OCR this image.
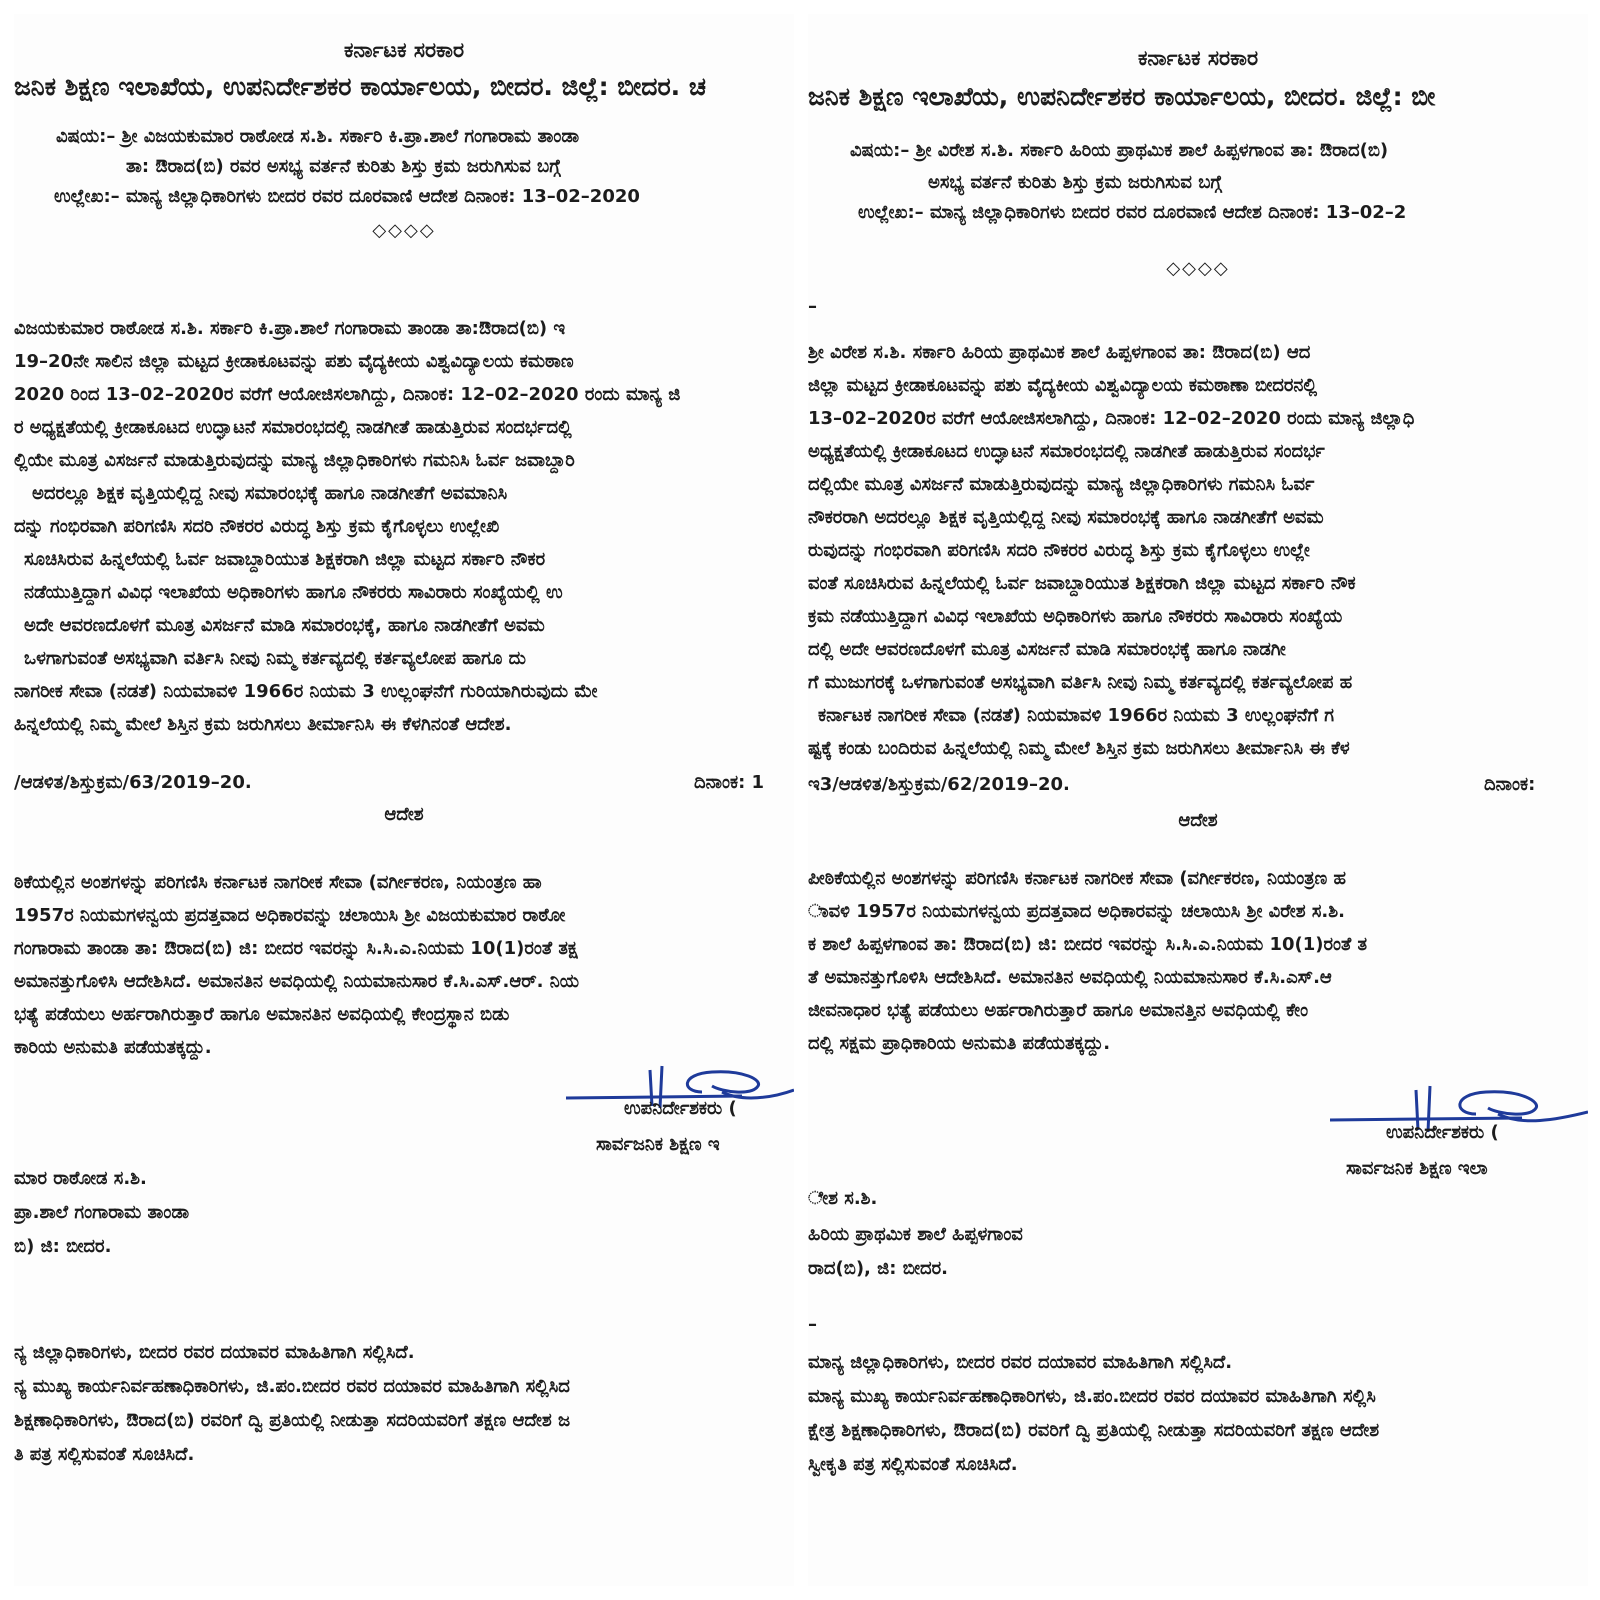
ಕರ್ನಾಟಕ ಸರಕಾರ
ಜನಿಕ ಶಿಕ್ಷಣ ಇಲಾಖೆಯ, ಉಪನಿರ್ದೇಶಕರ ಕಾರ್ಯಾಲಯ, ಬೀದರ. ಜಿಲ್ಲೆ: ಬೀದರ. ಚ
ವಿಷಯ:– ಶ್ರೀ ವಿಜಯಕುಮಾರ ರಾಠೋಡ ಸ.ಶಿ. ಸರ್ಕಾರಿ ಕಿ.ಪ್ರಾ.ಶಾಲೆ ಗಂಗಾರಾಮ ತಾಂಡಾ
ತಾ: ಔರಾದ(ಬಿ) ರವರ ಅಸಭ್ಯ ವರ್ತನೆ ಕುರಿತು ಶಿಸ್ತು ಕ್ರಮ ಜರುಗಿಸುವ ಬಗ್ಗೆ
ಉಲ್ಲೇಖ:– ಮಾನ್ಯ ಜಿಲ್ಲಾಧಿಕಾರಿಗಳು ಬೀದರ ರವರ ದೂರವಾಣಿ ಆದೇಶ ದಿನಾಂಕ: 13–02–2020
◇◇◇◇
ವಿಜಯಕುಮಾರ ರಾಠೋಡ ಸ.ಶಿ. ಸರ್ಕಾರಿ ಕಿ.ಪ್ರಾ.ಶಾಲೆ ಗಂಗಾರಾಮ ತಾಂಡಾ ತಾ:ಔರಾದ(ಬಿ) ಇ
19–20ನೇ ಸಾಲಿನ ಜಿಲ್ಲಾ ಮಟ್ಟದ ಕ್ರೀಡಾಕೂಟವನ್ನು ಪಶು ವೈದ್ಯಕೀಯ ವಿಶ್ವವಿದ್ಯಾಲಯ ಕಮಠಾಣ
2020 ರಿಂದ 13–02–2020ರ ವರೆಗೆ ಆಯೋಜಿಸಲಾಗಿದ್ದು, ದಿನಾಂಕ: 12–02–2020 ರಂದು ಮಾನ್ಯ ಜಿ
ರ ಅಧ್ಯಕ್ಷತೆಯಲ್ಲಿ ಕ್ರೀಡಾಕೂಟದ ಉದ್ಘಾಟನೆ ಸಮಾರಂಭದಲ್ಲಿ ನಾಡಗೀತೆ ಹಾಡುತ್ತಿರುವ ಸಂದರ್ಭದಲ್ಲಿ
ಲ್ಲಿಯೇ ಮೂತ್ರ ವಿಸರ್ಜನೆ ಮಾಡುತ್ತಿರುವುದನ್ನು ಮಾನ್ಯ ಜಿಲ್ಲಾಧಿಕಾರಿಗಳು ಗಮನಿಸಿ ಓರ್ವ ಜವಾಬ್ದಾರಿ
ಅದರಲ್ಲೂ ಶಿಕ್ಷಕ ವೃತ್ತಿಯಲ್ಲಿದ್ದ ನೀವು ಸಮಾರಂಭಕ್ಕೆ ಹಾಗೂ ನಾಡಗೀತೆಗೆ ಅವಮಾನಿಸಿ
ದನ್ನು ಗಂಭಿರವಾಗಿ ಪರಿಗಣಿಸಿ ಸದರಿ ನೌಕರರ ವಿರುದ್ಧ ಶಿಸ್ತು ಕ್ರಮ ಕೈಗೊಳ್ಳಲು ಉಲ್ಲೇಖಿ
ಸೂಚಿಸಿರುವ ಹಿನ್ನಲೆಯಲ್ಲಿ ಓರ್ವ ಜವಾಬ್ದಾರಿಯುತ ಶಿಕ್ಷಕರಾಗಿ ಜಿಲ್ಲಾ ಮಟ್ಟದ ಸರ್ಕಾರಿ ನೌಕರ
ನಡೆಯುತ್ತಿದ್ದಾಗ ವಿವಿಧ ಇಲಾಖೆಯ ಅಧಿಕಾರಿಗಳು ಹಾಗೂ ನೌಕರರು ಸಾವಿರಾರು ಸಂಖ್ಯೆಯಲ್ಲಿ ಉ
ಅದೇ ಆವರಣದೊಳಗೆ ಮೂತ್ರ ವಿಸರ್ಜನೆ ಮಾಡಿ ಸಮಾರಂಭಕ್ಕೆ, ಹಾಗೂ ನಾಡಗೀತೆಗೆ ಅವಮ
ಒಳಗಾಗುವಂತೆ ಅಸಭ್ಯವಾಗಿ ವರ್ತಿಸಿ ನೀವು ನಿಮ್ಮ ಕರ್ತವ್ಯದಲ್ಲಿ ಕರ್ತವ್ಯಲೋಪ ಹಾಗೂ ದು
ನಾಗರೀಕ ಸೇವಾ (ನಡತೆ) ನಿಯಮಾವಳಿ 1966ರ ನಿಯಮ 3 ಉಲ್ಲಂಘನೆಗೆ ಗುರಿಯಾಗಿರುವುದು ಮೇ
ಹಿನ್ನಲೆಯಲ್ಲಿ ನಿಮ್ಮ ಮೇಲೆ ಶಿಸ್ತಿನ ಕ್ರಮ ಜರುಗಿಸಲು ತೀರ್ಮಾನಿಸಿ ಈ ಕೆಳಗಿನಂತೆ ಆದೇಶ.
/ಆಡಳಿತ/ಶಿಸ್ತುಕ್ರಮ/63/2019–20.	ದಿನಾಂಕ: 1
ಆದೇಶ
ಠಿಕೆಯಲ್ಲಿನ ಅಂಶಗಳನ್ನು ಪರಿಗಣಿಸಿ ಕರ್ನಾಟಕ ನಾಗರೀಕ ಸೇವಾ (ವರ್ಗೀಕರಣ, ನಿಯಂತ್ರಣ ಹಾ
1957ರ ನಿಯಮಗಳನ್ವಯ ಪ್ರದತ್ತವಾದ ಅಧಿಕಾರವನ್ನು ಚಲಾಯಿಸಿ ಶ್ರೀ ವಿಜಯಕುಮಾರ ರಾಠೋ
ಗಂಗಾರಾಮ ತಾಂಡಾ ತಾ: ಔರಾದ(ಬಿ) ಜಿ: ಬೀದರ ಇವರನ್ನು ಸಿ.ಸಿ.ಎ.ನಿಯಮ 10(1)ರಂತೆ ತಕ್ಷ
ಅಮಾನತ್ತುಗೊಳಿಸಿ ಆದೇಶಿಸಿದೆ. ಅಮಾನತಿನ ಅವಧಿಯಲ್ಲಿ ನಿಯಮಾನುಸಾರ ಕೆ.ಸಿ.ಎಸ್.ಆರ್. ನಿಯ
ಭತ್ಯೆ ಪಡೆಯಲು ಅರ್ಹರಾಗಿರುತ್ತಾರೆ ಹಾಗೂ ಅಮಾನತಿನ ಅವಧಿಯಲ್ಲಿ ಕೇಂದ್ರಸ್ಥಾನ ಬಿಡು
ಕಾರಿಯ ಅನುಮತಿ ಪಡೆಯತಕ್ಕದ್ದು.
ಉಪನಿರ್ದೇಶಕರು (
ಸಾರ್ವಜನಿಕ ಶಿಕ್ಷಣ ಇ
ಮಾರ ರಾಠೋಡ ಸ.ಶಿ.
ಪ್ರಾ.ಶಾಲೆ ಗಂಗಾರಾಮ ತಾಂಡಾ
ಬಿ) ಜಿ: ಬೀದರ.
ನ್ಯ ಜಿಲ್ಲಾಧಿಕಾರಿಗಳು, ಬೀದರ ರವರ ದಯಾವರ ಮಾಹಿತಿಗಾಗಿ ಸಲ್ಲಿಸಿದೆ.
ನ್ಯ ಮುಖ್ಯ ಕಾರ್ಯನಿರ್ವಹಣಾಧಿಕಾರಿಗಳು, ಜಿ.ಪಂ.ಬೀದರ ರವರ ದಯಾವರ ಮಾಹಿತಿಗಾಗಿ ಸಲ್ಲಿಸಿದ
ಶಿಕ್ಷಣಾಧಿಕಾರಿಗಳು, ಔರಾದ(ಬಿ) ರವರಿಗೆ ದ್ವಿ ಪ್ರತಿಯಲ್ಲಿ ನೀಡುತ್ತಾ ಸದರಿಯವರಿಗೆ ತಕ್ಷಣ ಆದೇಶ ಜ
ತಿ ಪತ್ರ ಸಲ್ಲಿಸುವಂತೆ ಸೂಚಿಸಿದೆ.
ಕರ್ನಾಟಕ ಸರಕಾರ
ಜನಿಕ ಶಿಕ್ಷಣ ಇಲಾಖೆಯ, ಉಪನಿರ್ದೇಶಕರ ಕಾರ್ಯಾಲಯ, ಬೀದರ. ಜಿಲ್ಲೆ: ಬೀ
ವಿಷಯ:– ಶ್ರೀ ವಿರೇಶ ಸ.ಶಿ. ಸರ್ಕಾರಿ ಹಿರಿಯ ಪ್ರಾಥಮಿಕ ಶಾಲೆ ಹಿಪ್ಪಳಗಾಂವ ತಾ: ಔರಾದ(ಬಿ)
ಅಸಭ್ಯ ವರ್ತನೆ ಕುರಿತು ಶಿಸ್ತು ಕ್ರಮ ಜರುಗಿಸುವ ಬಗ್ಗೆ
ಉಲ್ಲೇಖ:– ಮಾನ್ಯ ಜಿಲ್ಲಾಧಿಕಾರಿಗಳು ಬೀದರ ರವರ ದೂರವಾಣಿ ಆದೇಶ ದಿನಾಂಕ: 13–02–2
◇◇◇◇
–
ಶ್ರೀ ವಿರೇಶ ಸ.ಶಿ. ಸರ್ಕಾರಿ ಹಿರಿಯ ಪ್ರಾಥಮಿಕ ಶಾಲೆ ಹಿಪ್ಪಳಗಾಂವ ತಾ: ಔರಾದ(ಬಿ) ಆದ
ಜಿಲ್ಲಾ ಮಟ್ಟದ ಕ್ರೀಡಾಕೂಟವನ್ನು ಪಶು ವೈದ್ಯಕೀಯ ವಿಶ್ವವಿದ್ಯಾಲಯ ಕಮಠಾಣಾ ಬೀದರನಲ್ಲಿ
13–02–2020ರ ವರೆಗೆ ಆಯೋಜಿಸಲಾಗಿದ್ದು, ದಿನಾಂಕ: 12–02–2020 ರಂದು ಮಾನ್ಯ ಜಿಲ್ಲಾಧಿ
ಅಧ್ಯಕ್ಷತೆಯಲ್ಲಿ ಕ್ರೀಡಾಕೂಟದ ಉದ್ಘಾಟನೆ ಸಮಾರಂಭದಲ್ಲಿ ನಾಡಗೀತೆ ಹಾಡುತ್ತಿರುವ ಸಂದರ್ಭ
ದಲ್ಲಿಯೇ ಮೂತ್ರ ವಿಸರ್ಜನೆ ಮಾಡುತ್ತಿರುವುದನ್ನು ಮಾನ್ಯ ಜಿಲ್ಲಾಧಿಕಾರಿಗಳು ಗಮನಿಸಿ ಓರ್ವ
ನೌಕರರಾಗಿ ಅದರಲ್ಲೂ ಶಿಕ್ಷಕ ವೃತ್ತಿಯಲ್ಲಿದ್ದ ನೀವು ಸಮಾರಂಭಕ್ಕೆ ಹಾಗೂ ನಾಡಗೀತೆಗೆ ಅವಮ
ರುವುದನ್ನು ಗಂಭಿರವಾಗಿ ಪರಿಗಣಿಸಿ ಸದರಿ ನೌಕರರ ವಿರುದ್ಧ ಶಿಸ್ತು ಕ್ರಮ ಕೈಗೊಳ್ಳಲು ಉಲ್ಲೇ
ವಂತೆ ಸೂಚಿಸಿರುವ ಹಿನ್ನಲೆಯಲ್ಲಿ ಓರ್ವ ಜವಾಬ್ದಾರಿಯುತ ಶಿಕ್ಷಕರಾಗಿ ಜಿಲ್ಲಾ ಮಟ್ಟದ ಸರ್ಕಾರಿ ನೌಕ
ಕ್ರಮ ನಡೆಯುತ್ತಿದ್ದಾಗ ವಿವಿಧ ಇಲಾಖೆಯ ಅಧಿಕಾರಿಗಳು ಹಾಗೂ ನೌಕರರು ಸಾವಿರಾರು ಸಂಖ್ಯೆಯ
ದಲ್ಲಿ ಅದೇ ಆವರಣದೊಳಗೆ ಮೂತ್ರ ವಿಸರ್ಜನೆ ಮಾಡಿ ಸಮಾರಂಭಕ್ಕೆ ಹಾಗೂ ನಾಡಗೀ
ಗೆ ಮುಜುಗರಕ್ಕೆ ಒಳಗಾಗುವಂತೆ ಅಸಭ್ಯವಾಗಿ ವರ್ತಿಸಿ ನೀವು ನಿಮ್ಮ ಕರ್ತವ್ಯದಲ್ಲಿ ಕರ್ತವ್ಯಲೋಪ ಹ
ಕರ್ನಾಟಕ ನಾಗರೀಕ ಸೇವಾ (ನಡತೆ) ನಿಯಮಾವಳಿ 1966ರ ನಿಯಮ 3 ಉಲ್ಲಂಘನೆಗೆ ಗ
ಷ್ಟಕ್ಕೆ ಕಂಡು ಬಂದಿರುವ ಹಿನ್ನಲೆಯಲ್ಲಿ ನಿಮ್ಮ ಮೇಲೆ ಶಿಸ್ತಿನ ಕ್ರಮ ಜರುಗಿಸಲು ತೀರ್ಮಾನಿಸಿ ಈ ಕೆಳ
ಇ3/ಆಡಳಿತ/ಶಿಸ್ತುಕ್ರಮ/62/2019–20.	ದಿನಾಂಕ:
ಆದೇಶ
ಪೀಠಿಕೆಯಲ್ಲಿನ ಅಂಶಗಳನ್ನು ಪರಿಗಣಿಸಿ ಕರ್ನಾಟಕ ನಾಗರೀಕ ಸೇವಾ (ವರ್ಗೀಕರಣ, ನಿಯಂತ್ರಣ ಹ
ಾವಳಿ 1957ರ ನಿಯಮಗಳನ್ವಯ ಪ್ರದತ್ತವಾದ ಅಧಿಕಾರವನ್ನು ಚಲಾಯಿಸಿ ಶ್ರೀ ವಿರೇಶ ಸ.ಶಿ.
ಕ ಶಾಲೆ ಹಿಪ್ಪಳಗಾಂವ ತಾ: ಔರಾದ(ಬಿ) ಜಿ: ಬೀದರ ಇವರನ್ನು ಸಿ.ಸಿ.ಎ.ನಿಯಮ 10(1)ರಂತೆ ತ
ತೆ ಅಮಾನತ್ತುಗೊಳಿಸಿ ಆದೇಶಿಸಿದೆ. ಅಮಾನತಿನ ಅವಧಿಯಲ್ಲಿ ನಿಯಮಾನುಸಾರ ಕೆ.ಸಿ.ಎಸ್.ಆ
ಜೀವನಾಧಾರ ಭತ್ಯೆ ಪಡೆಯಲು ಅರ್ಹರಾಗಿರುತ್ತಾರೆ ಹಾಗೂ ಅಮಾನತ್ತಿನ ಅವಧಿಯಲ್ಲಿ ಕೇಂ
ದಲ್ಲಿ ಸಕ್ಷಮ ಪ್ರಾಧಿಕಾರಿಯ ಅನುಮತಿ ಪಡೆಯತಕ್ಕದ್ದು.
ಉಪನಿರ್ದೇಶಕರು (
ಸಾರ್ವಜನಿಕ ಶಿಕ್ಷಣ ಇಲಾ
ೇಶ ಸ.ಶಿ.
ಹಿರಿಯ ಪ್ರಾಥಮಿಕ ಶಾಲೆ ಹಿಪ್ಪಳಗಾಂವ
ರಾದ(ಬಿ), ಜಿ: ಬೀದರ.
–
ಮಾನ್ಯ ಜಿಲ್ಲಾಧಿಕಾರಿಗಳು, ಬೀದರ ರವರ ದಯಾವರ ಮಾಹಿತಿಗಾಗಿ ಸಲ್ಲಿಸಿದೆ.
ಮಾನ್ಯ ಮುಖ್ಯ ಕಾರ್ಯನಿರ್ವಹಣಾಧಿಕಾರಿಗಳು, ಜಿ.ಪಂ.ಬೀದರ ರವರ ದಯಾವರ ಮಾಹಿತಿಗಾಗಿ ಸಲ್ಲಿಸಿ
ಕ್ಷೇತ್ರ ಶಿಕ್ಷಣಾಧಿಕಾರಿಗಳು, ಔರಾದ(ಬಿ) ರವರಿಗೆ ದ್ವಿ ಪ್ರತಿಯಲ್ಲಿ ನೀಡುತ್ತಾ ಸದರಿಯವರಿಗೆ ತಕ್ಷಣ ಆದೇಶ
ಸ್ವೀಕೃತಿ ಪತ್ರ ಸಲ್ಲಿಸುವಂತೆ ಸೂಚಿಸಿದೆ.
